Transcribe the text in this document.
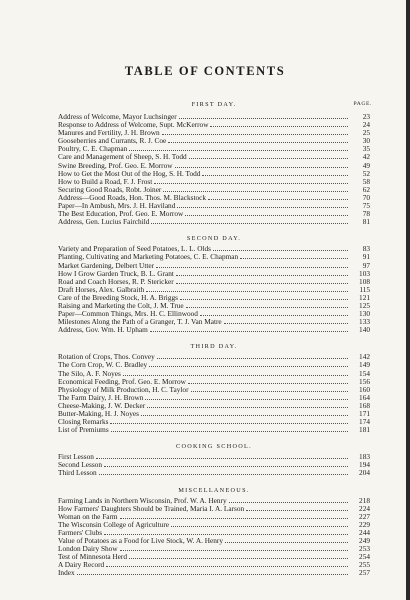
TABLE OF CONTENTS
FIRST DAY.	PAGE.
Address of Welcome, Mayor Luchsinger	23
Response to Address of Welcome, Supt. McKerrow	24
Manures and Fertility, J. H. Brown	25
Gooseberries and Currants, R. J. Coe	30
Poultry, C. E. Chapman	35
Care and Management of Sheep, S. H. Todd	42
Swine Breeding, Prof. Geo. E. Morrow	49
How to Get the Most Out of the Hog, S. H. Todd	52
How to Build a Road, F. J. Frost	58
Securing Good Roads, Robt. Joiner	62
Address—Good Roads, Hon. Thos. M. Blackstock	70
Paper—In Ambush, Mrs. J. H. Haviland	75
The Best Education, Prof. Geo. E. Morrow	78
Address, Gen. Lucius Fairchild	81
SECOND DAY.
Variety and Preparation of Seed Potatoes, L. L. Olds	83
Planting, Cultivating and Marketing Potatoes, C. E. Chapman	91
Market Gardening, Delbert Utter	97
How I Grow Garden Truck, B. L. Grant	103
Road and Coach Horses, R. P. Stericker	108
Draft Horses, Alex. Galbraith	115
Care of the Breeding Stock, H. A. Briggs	121
Raising and Marketing the Colt, J. M. True	125
Paper—Common Things, Mrs. H. C. Ellinwood	130
Milestones Along the Path of a Granger, T. J. Van Matre	133
Address, Gov. Wm. H. Upham	140
THIRD DAY.
Rotation of Crops, Thos. Convey	142
The Corn Crop, W. C. Bradley	149
The Silo, A. F. Noyes	154
Economical Feeding, Prof. Geo. E. Morrow	156
Physiology of Milk Production, H. C. Taylor	160
The Farm Dairy, J. H. Brown	164
Cheese-Making, J. W. Decker	168
Butter-Making, H. J. Noyes	171
Closing Remarks	174
List of Premiums	181
COOKING SCHOOL.
First Lesson	183
Second Lesson	194
Third Lesson	204
MISCELLANEOUS.
Farming Lands in Northern Wisconsin, Prof. W. A. Henry	218
How Farmers' Daughters Should be Trained, Maria I. A. Larson	224
Woman on the Farm	227
The Wisconsin College of Agriculture	229
Farmers' Clubs	244
Value of Potatoes as a Food for Live Stock, W. A. Henry	249
London Dairy Show	253
Test of Minnesota Herd	254
A Dairy Record	255
Index	257
